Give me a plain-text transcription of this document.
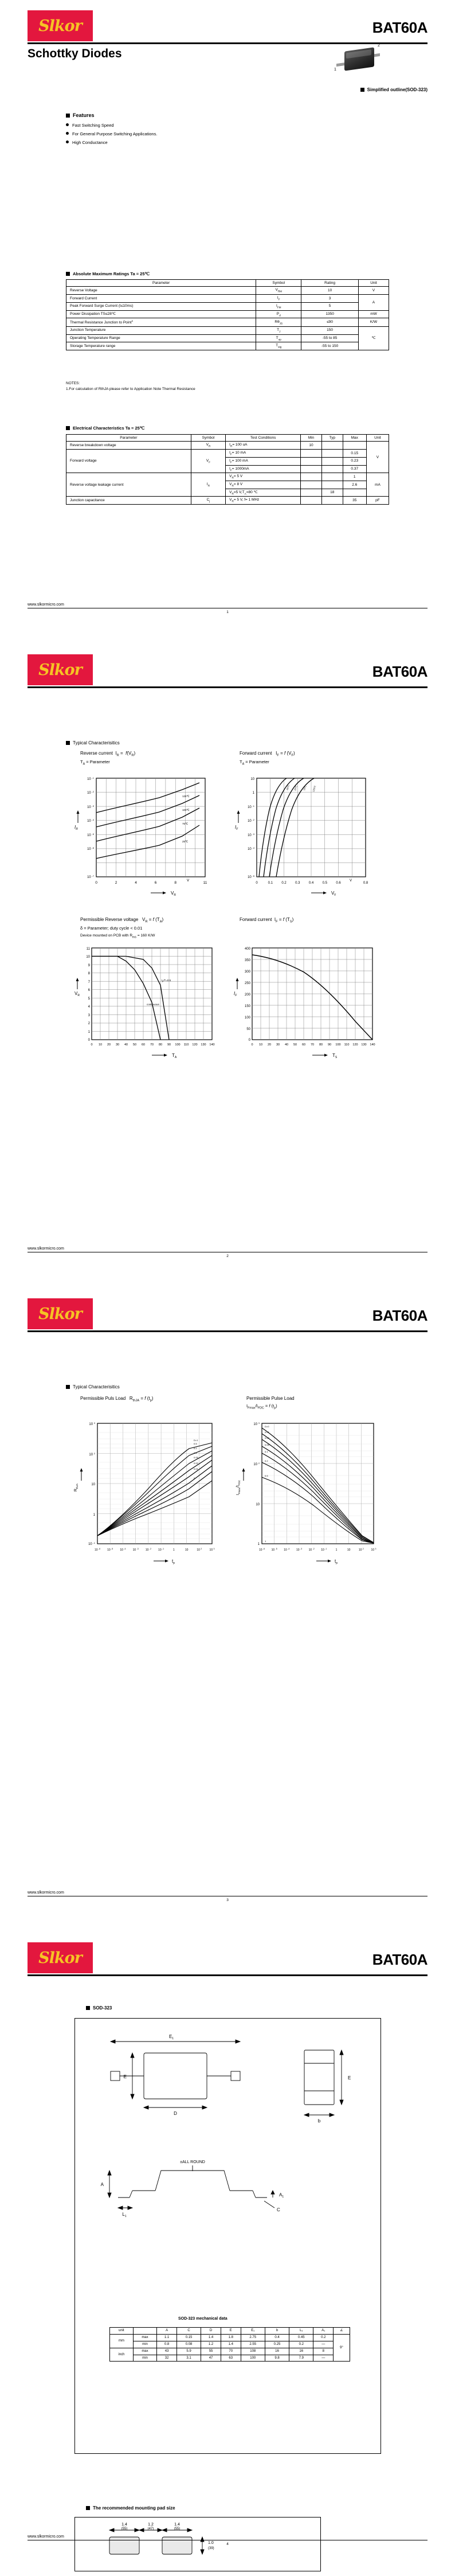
Slkor	BAT60A
Schottky Diodes
1
2
Simplified outline(SOD-323)
Features
Fast Switching Speed
For General Purpose Switching Applications.
High Conductance
Absolute Maximum Ratings Ta = 25℃
Parameter	Symbol	Rating	Unit
Reverse Voltage	$V_{RM}$	10	V
Forward Current	$I_F$	3	A
Peak Forward Surge Current (t≤10ms)	$I_{FM}$	5	
Power Dissipation TS≤28℃	$P_d$	1350	mW
Thermal Resistance Junction to Point$^1$	$R\theta_{JS}$	≤90	K/W
Junction Temperature	$T_J$	150	℃
Operating Temperature Range	$T_{op}$	-55 to 85	
Storage Temperature range	$T_{stg}$	-55 to 150	
NOTES:
1.For calculation of RthJA please refer to Application Note Thermal Resistance
Electrical Characteristics Ta = 25℃
Parameter	Symbol	Test Conditions	Min	Typ	Max	Unit
Reverse breakdown voltage	$V_R$	$I_R= 100$ uA	10			V
Forward voltage	$V_F$	$I_F= 10$ mA			0.15	
		$I_F= 100$ mA			0.23	
		$I_F= 1000mA$			0.37	
Reverse voltage leakage current	$I_R$	$V_R= 5$ V			1	mA
		$V_R= 8$ V			2.6	
		$V_R=5$ $V,T_A=80$ ℃		18		
Junction capacitance	$C_j$	$V_R= 5$ V, f= 1 MHz			35	pF
www.slkormicro.com
1
Slkor	BAT60A
Typical Characterisitics
Reverse current  $I_R = f(V_R)$
$T_A$ = Parameter
Forward current   $I_F = f$ $(V_F)$
$T_A$ = Parameter
125℃
100℃
75℃
25℃
10 $^{-1}$
10 $^{-2}$
10 $^{-3}$
10 $^{-4}$
10 $^{-5}$
10 $^{-6}$
10 $^{-7}$
0	2	4	6	8	11
V
$I_R$
$V_R$
-55℃ 25℃ 75℃ 125℃
10
1
10 $^{-1}$
10 $^{-2}$
10 $^{-3}$
10 $^{-4}$
10 $^{-5}$
0	0.1	0.2	0.3	0.4	0.5	0.6	0.8
V
$I_F$
$V_F$
Permissible Reverse voltage   $V_R = f$ $(T_A)$
δ = Parameter; duty cycle < 0.01
Device mounted on PCB with $R_{thS} = 160$ K/W
Forward current  $I_F = f$ $(T_S)$
$t_p/T=0.5$
continuous
11
10
9
8
7
6
5
4
3
2
1
0
0 10 20 30 40 50 60 70 80 90 100 110 120 130 140
$V_R$
$T_A$
400
350
300
250
200
150
100
50
0
0 10 20 30 40 50 60 70 80 90 100 110 120 130 140
$I_F$
$T_S$
www.slkormicro.com
2
Slkor	BAT60A
Typical Characterisitics
Permissible Puls Load   $R_{thJA} = f$ $(t_p)$	Permissible Pulse Load
$I_{Fmax}/I_{FDC} = f$ $(t_p)$
D=1
0.5
0.2
0.1
0.05
0.02
0.01
0
10 $^3$
10 $^2$
10
1
10 $^{-1}$
10 $^{-6}$ 10 $^{-5}$ 10 $^{-4}$ 10 $^{-3}$ 10 $^{-2}$ 10 $^{-1}$	1	10	10 $^2$	10 $^3$
$R_{thJA}$
$t_p$
D=0
0.01
0.02
0.05
0.1
0.2
0.5
1
10 $^3$
10 $^2$
10
1
10 $^{-6}$ 10 $^{-5}$ 10 $^{-4}$ 10 $^{-3}$ 10 $^{-2}$ 10 $^{-1}$	1	10	10 $^2$	10 $^3$
$I_{Fmax}/I_{FDC}$
$t_p$
www.slkormicro.com
3
Slkor	BAT60A
SOD-323
$E_1$
D
E	E
b
±ALL ROUND
A
$A_1$
$L_1$
C
SOD-323 mechanical data
unit		A	C	D	E	E₁	b	L₁	A₁	∠
mm	max	1.1	0.15	1.4	1.8	2.75	0.4	0.45	0.2	9°
	min	0.8	0.08	1.2	1.4	2.55	0.25	0.2	—	
inch	max	43	5.9	55	70	108	16	16	8	
	min	32	3.1	47	63	100	9.8	7.9	—	
The recommended mounting pad size
1.4
(55)
1.2
(47)
1.4
(55)
1.0
(39)
www.slkormicro.com
4
